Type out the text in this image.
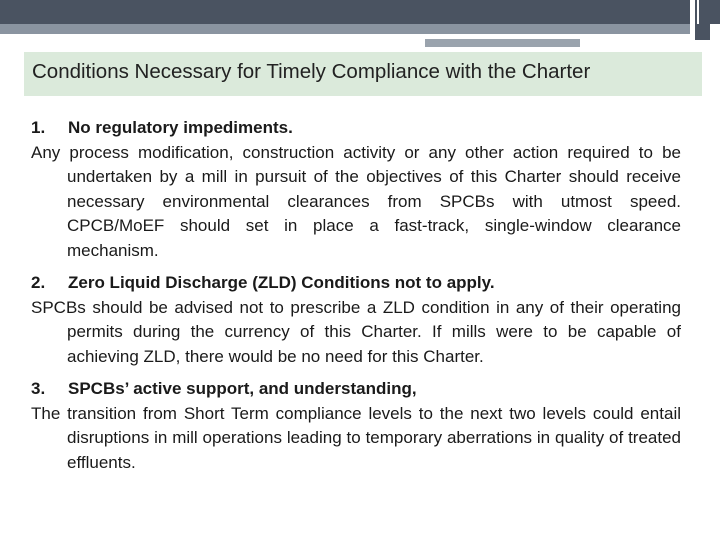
Conditions Necessary for Timely Compliance with the Charter

1. No regulatory impediments.

Any process modification, construction activity or any other action required to be undertaken by a mill in pursuit of the objectives of this Charter should receive necessary environmental clearances from SPCBs with utmost speed. CPCB/MoEF should set in place a fast-track, single-window clearance mechanism.

2. Zero Liquid Discharge (ZLD) Conditions not to apply.

SPCBs should be advised not to prescribe a ZLD condition in any of their operating permits during the currency of this Charter. If mills were to be capable of achieving ZLD, there would be no need for this Charter.

3. SPCBs’ active support, and understanding,

The transition from Short Term compliance levels to the next two levels could entail disruptions in mill operations leading to temporary aberrations in quality of treated effluents.
